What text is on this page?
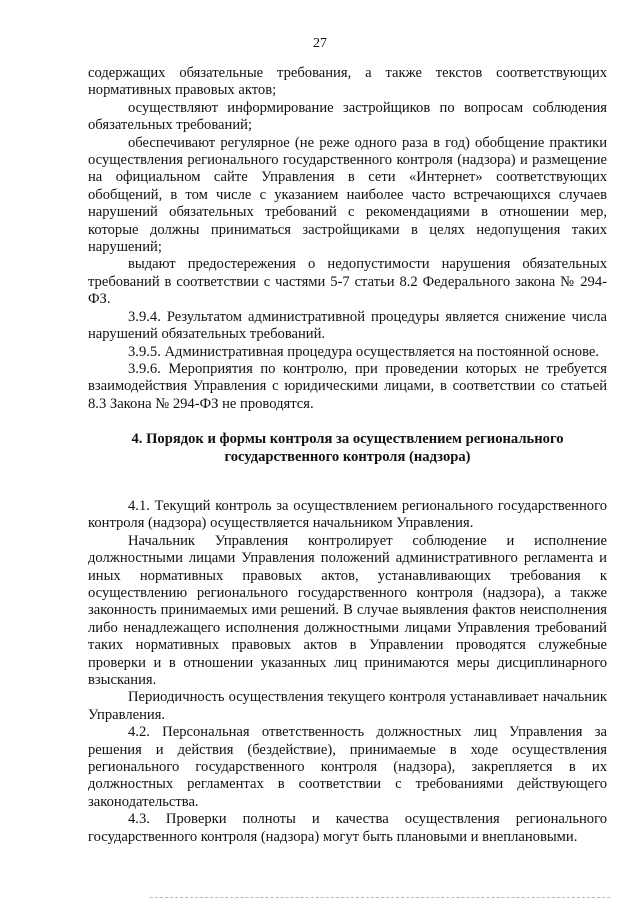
27

содержащих обязательные требования, а также текстов соответствующих нормативных правовых актов;

осуществляют информирование застройщиков по вопросам соблюдения обязательных требований;

обеспечивают регулярное (не реже одного раза в год) обобщение практики осуществления регионального государственного контроля (надзора) и размещение на официальном сайте Управления в сети «Интернет» соответствующих обобщений, в том числе с указанием наиболее часто встречающихся случаев нарушений обязательных требований с рекомендациями в отношении мер, которые должны приниматься застройщиками в целях недопущения таких нарушений;

выдают предостережения о недопустимости нарушения обязательных требований в соответствии с частями 5-7 статьи 8.2 Федерального закона № 294-ФЗ.

3.9.4. Результатом административной процедуры является снижение числа нарушений обязательных требований.

3.9.5. Административная процедура осуществляется на постоянной основе.

3.9.6. Мероприятия по контролю, при проведении которых не требуется взаимодействия Управления с юридическими лицами, в соответствии со статьей 8.3 Закона № 294-ФЗ не проводятся.

4. Порядок и формы контроля за осуществлением регионального
государственного контроля (надзора)

4.1. Текущий контроль за осуществлением регионального государственного контроля (надзора) осуществляется начальником Управления.

Начальник Управления контролирует соблюдение и исполнение должностными лицами Управления положений административного регламента и иных нормативных правовых актов, устанавливающих требования к осуществлению регионального государственного контроля (надзора), а также законность принимаемых ими решений. В случае выявления фактов неисполнения либо ненадлежащего исполнения должностными лицами Управления требований таких нормативных правовых актов в Управлении проводятся служебные проверки и в отношении указанных лиц принимаются меры дисциплинарного взыскания.

Периодичность осуществления текущего контроля устанавливает начальник Управления.

4.2. Персональная ответственность должностных лиц Управления за решения и действия (бездействие), принимаемые в ходе осуществления регионального государственного контроля (надзора), закрепляется в их должностных регламентах в соответствии с требованиями действующего законодательства.

4.3. Проверки полноты и качества осуществления регионального государственного контроля (надзора) могут быть плановыми и внеплановыми.
